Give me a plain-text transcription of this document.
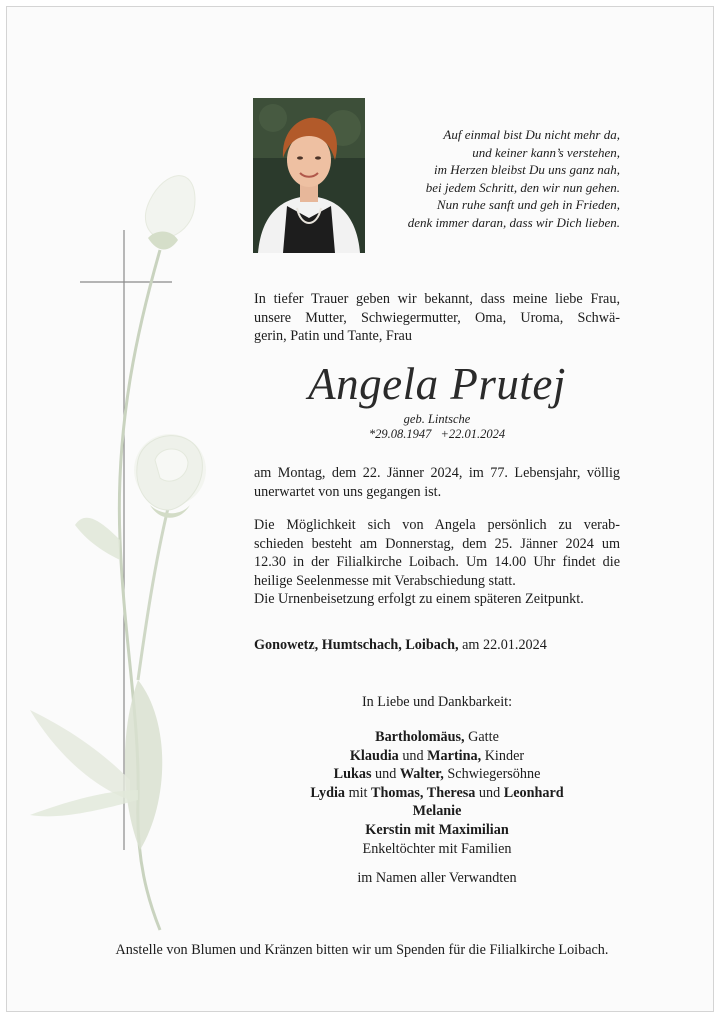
Auf einmal bist Du nicht mehr da,
und keiner kann’s verstehen,
im Herzen bleibst Du uns ganz nah,
bei jedem Schritt, den wir nun gehen.
Nun ruhe sanft und geh in Frieden,
denk immer daran, dass wir Dich lieben.
In tiefer Trauer geben wir bekannt, dass meine liebe Frau,
unsere Mutter, Schwiegermutter, Oma, Uroma, Schwä-
gerin, Patin und Tante, Frau
Angela Prutej
geb. Lintsche
*29.08.1947 +22.01.2024
am Montag, dem 22. Jänner 2024, im 77. Lebensjahr, völlig
unerwartet von uns gegangen ist.
Die Möglichkeit sich von Angela persönlich zu verab-
schieden besteht am Donnerstag, dem 25. Jänner 2024 um
12.30 in der Filialkirche Loibach. Um 14.00 Uhr findet die
heilige Seelenmesse mit Verabschiedung statt.
Die Urnenbeisetzung erfolgt zu einem späteren Zeitpunkt.
Gonowetz, Humtschach, Loibach, am 22.01.2024
In Liebe und Dankbarkeit:
Bartholomäus, Gatte
Klaudia und Martina, Kinder
Lukas und Walter, Schwiegersöhne
Lydia mit Thomas, Theresa und Leonhard
Melanie
Kerstin mit Maximilian
Enkeltöchter mit Familien
im Namen aller Verwandten
Anstelle von Blumen und Kränzen bitten wir um Spenden für die Filialkirche Loibach.
